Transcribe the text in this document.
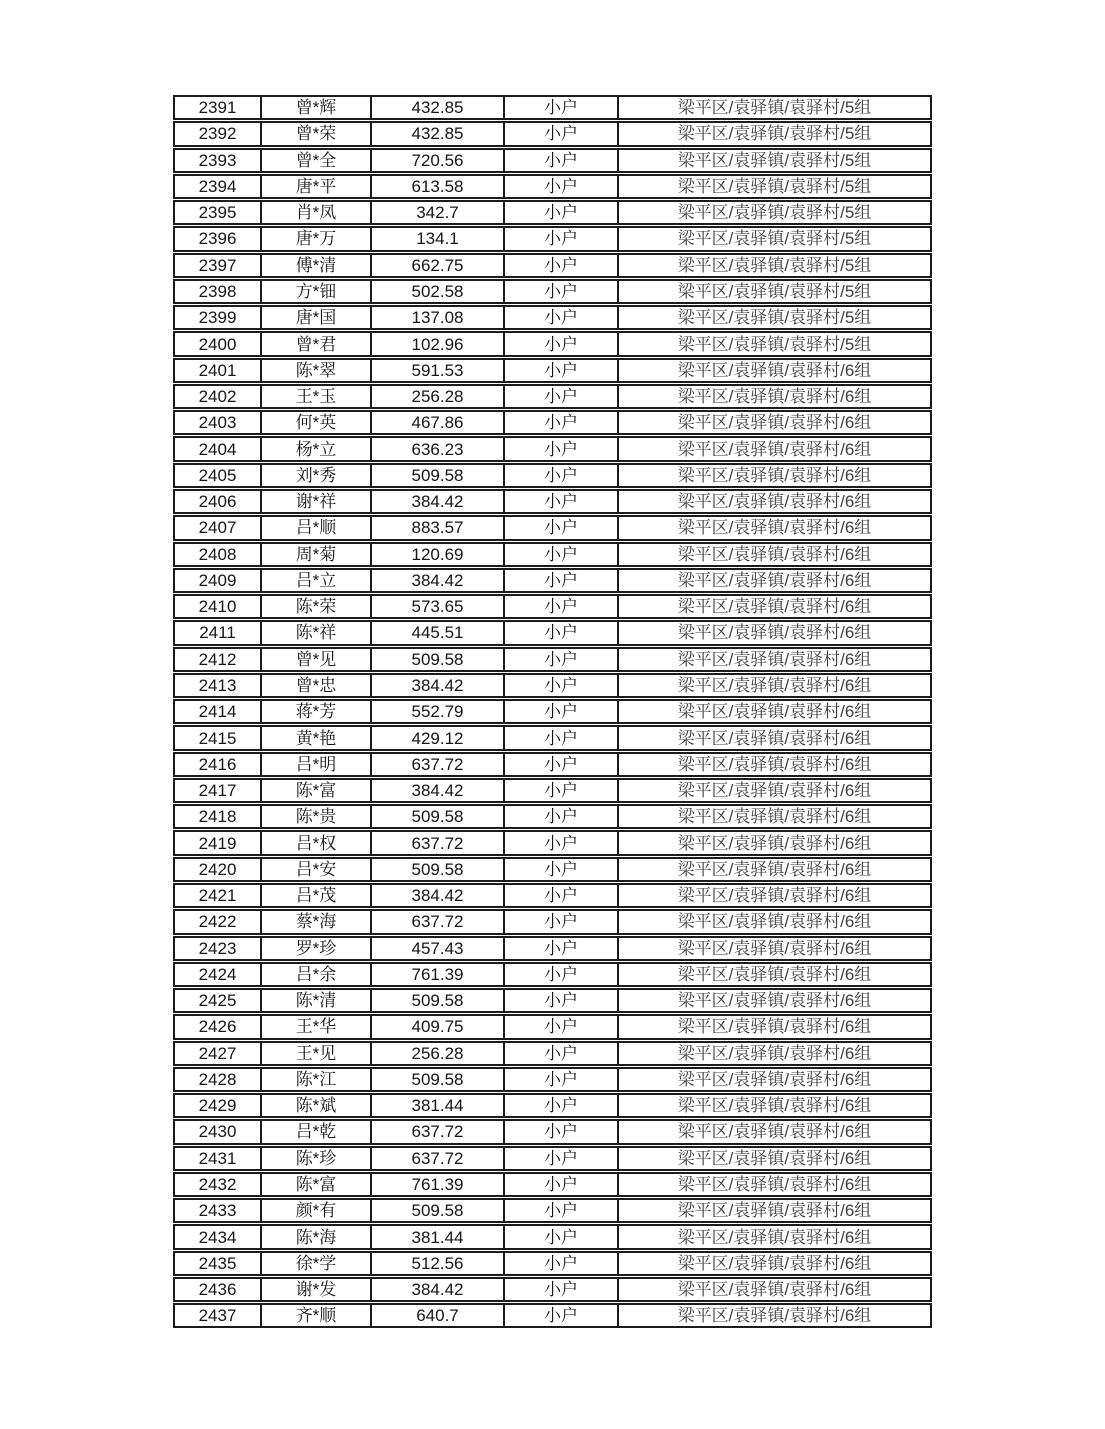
2391	曾*辉	432.85	小户	梁平区/袁驿镇/袁驿村/5组
2392	曾*荣	432.85	小户	梁平区/袁驿镇/袁驿村/5组
2393	曾*全	720.56	小户	梁平区/袁驿镇/袁驿村/5组
2394	唐*平	613.58	小户	梁平区/袁驿镇/袁驿村/5组
2395	肖*凤	342.7	小户	梁平区/袁驿镇/袁驿村/5组
2396	唐*万	134.1	小户	梁平区/袁驿镇/袁驿村/5组
2397	傅*清	662.75	小户	梁平区/袁驿镇/袁驿村/5组
2398	方*钿	502.58	小户	梁平区/袁驿镇/袁驿村/5组
2399	唐*国	137.08	小户	梁平区/袁驿镇/袁驿村/5组
2400	曾*君	102.96	小户	梁平区/袁驿镇/袁驿村/5组
2401	陈*翠	591.53	小户	梁平区/袁驿镇/袁驿村/6组
2402	王*玉	256.28	小户	梁平区/袁驿镇/袁驿村/6组
2403	何*英	467.86	小户	梁平区/袁驿镇/袁驿村/6组
2404	杨*立	636.23	小户	梁平区/袁驿镇/袁驿村/6组
2405	刘*秀	509.58	小户	梁平区/袁驿镇/袁驿村/6组
2406	谢*祥	384.42	小户	梁平区/袁驿镇/袁驿村/6组
2407	吕*顺	883.57	小户	梁平区/袁驿镇/袁驿村/6组
2408	周*菊	120.69	小户	梁平区/袁驿镇/袁驿村/6组
2409	吕*立	384.42	小户	梁平区/袁驿镇/袁驿村/6组
2410	陈*荣	573.65	小户	梁平区/袁驿镇/袁驿村/6组
2411	陈*祥	445.51	小户	梁平区/袁驿镇/袁驿村/6组
2412	曾*见	509.58	小户	梁平区/袁驿镇/袁驿村/6组
2413	曾*忠	384.42	小户	梁平区/袁驿镇/袁驿村/6组
2414	蒋*芳	552.79	小户	梁平区/袁驿镇/袁驿村/6组
2415	黄*艳	429.12	小户	梁平区/袁驿镇/袁驿村/6组
2416	吕*明	637.72	小户	梁平区/袁驿镇/袁驿村/6组
2417	陈*富	384.42	小户	梁平区/袁驿镇/袁驿村/6组
2418	陈*贵	509.58	小户	梁平区/袁驿镇/袁驿村/6组
2419	吕*权	637.72	小户	梁平区/袁驿镇/袁驿村/6组
2420	吕*安	509.58	小户	梁平区/袁驿镇/袁驿村/6组
2421	吕*茂	384.42	小户	梁平区/袁驿镇/袁驿村/6组
2422	蔡*海	637.72	小户	梁平区/袁驿镇/袁驿村/6组
2423	罗*珍	457.43	小户	梁平区/袁驿镇/袁驿村/6组
2424	吕*余	761.39	小户	梁平区/袁驿镇/袁驿村/6组
2425	陈*清	509.58	小户	梁平区/袁驿镇/袁驿村/6组
2426	王*华	409.75	小户	梁平区/袁驿镇/袁驿村/6组
2427	王*见	256.28	小户	梁平区/袁驿镇/袁驿村/6组
2428	陈*江	509.58	小户	梁平区/袁驿镇/袁驿村/6组
2429	陈*斌	381.44	小户	梁平区/袁驿镇/袁驿村/6组
2430	吕*乾	637.72	小户	梁平区/袁驿镇/袁驿村/6组
2431	陈*珍	637.72	小户	梁平区/袁驿镇/袁驿村/6组
2432	陈*富	761.39	小户	梁平区/袁驿镇/袁驿村/6组
2433	颜*有	509.58	小户	梁平区/袁驿镇/袁驿村/6组
2434	陈*海	381.44	小户	梁平区/袁驿镇/袁驿村/6组
2435	徐*学	512.56	小户	梁平区/袁驿镇/袁驿村/6组
2436	谢*发	384.42	小户	梁平区/袁驿镇/袁驿村/6组
2437	齐*顺	640.7	小户	梁平区/袁驿镇/袁驿村/6组
